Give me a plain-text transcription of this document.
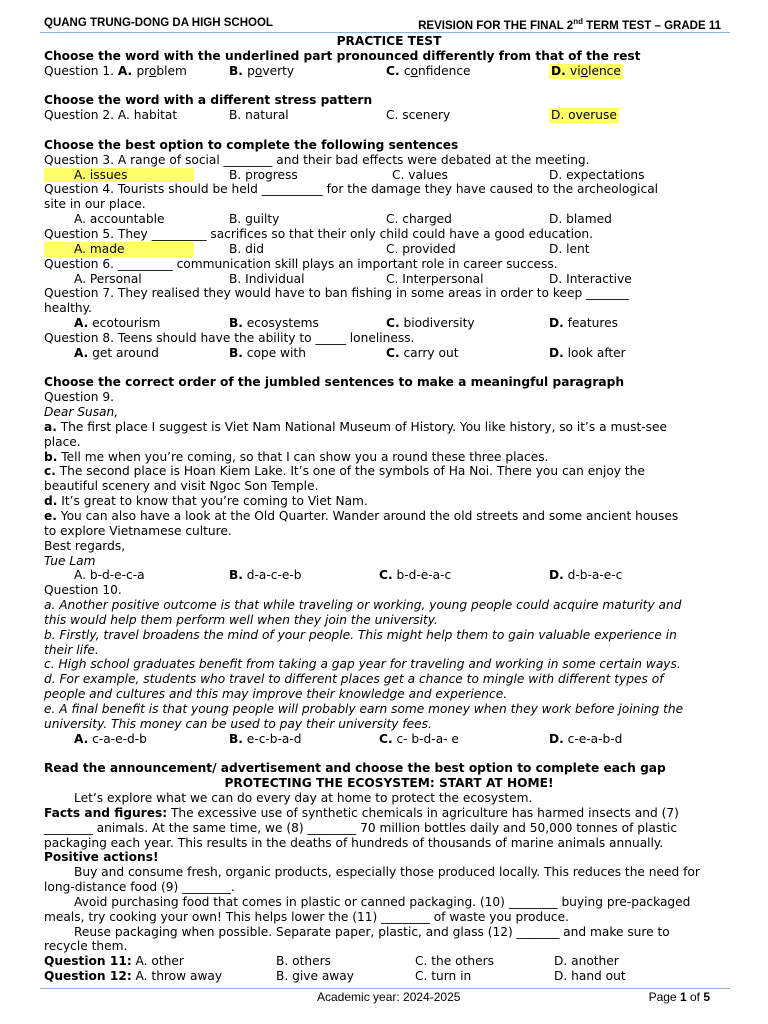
QUANG TRUNG-DONG DA HIGH SCHOOL	REVISION FOR THE FINAL 2nd TERM TEST – GRADE 11
PRACTICE TEST
Choose the word with the underlined part pronounced differently from that of the rest
Question 1. A. problem	B. poverty	C. confidence	D. violence
Choose the word with a different stress pattern
Question 2. A. habitat	B. natural	C. scenery	D. overuse
Choose the best option to complete the following sentences
Question 3. A range of social ________ and their bad effects were debated at the meeting.
A. issues	B. progress	C. values	D. expectations
Question 4. Tourists should be held __________ for the damage they have caused to the archeological
site in our place.
A. accountable	B. guilty	C. charged	D. blamed
Question 5. They _________ sacrifices so that their only child could have a good education.
A. made	B. did	C. provided	D. lent
Question 6. _________ communication skill plays an important role in career success.
A. Personal	B. Individual	C. Interpersonal	D. Interactive
Question 7. They realised they would have to ban fishing in some areas in order to keep _______
healthy.
A. ecotourism	B. ecosystems	C. biodiversity	D. features
Question 8. Teens should have the ability to _____ loneliness.
A. get around	B. cope with	C. carry out	D. look after
Choose the correct order of the jumbled sentences to make a meaningful paragraph
Question 9.
Dear Susan,
a. The first place I suggest is Viet Nam National Museum of History. You like history, so it’s a must-see
place.
b. Tell me when you’re coming, so that I can show you a round these three places.
c. The second place is Hoan Kiem Lake. It’s one of the symbols of Ha Noi. There you can enjoy the
beautiful scenery and visit Ngoc Son Temple.
d. It’s great to know that you’re coming to Viet Nam.
e. You can also have a look at the Old Quarter. Wander around the old streets and some ancient houses
to explore Vietnamese culture.
Best regards,
Tue Lam
A. b-d-e-c-a	B. d-a-c-e-b	C. b-d-e-a-c	D. d-b-a-e-c
Question 10.
a. Another positive outcome is that while traveling or working, young people could acquire maturity and
this would help them perform well when they join the university.
b. Firstly, travel broadens the mind of your people. This might help them to gain valuable experience in
their life.
c. High school graduates benefit from taking a gap year for traveling and working in some certain ways.
d. For example, students who travel to different places get a chance to mingle with different types of
people and cultures and this may improve their knowledge and experience.
e. A final benefit is that young people will probably earn some money when they work before joining the
university. This money can be used to pay their university fees.
A. c-a-e-d-b	B. e-c-b-a-d	C. c- b-d-a- e	D. c-e-a-b-d
Read the announcement/ advertisement and choose the best option to complete each gap
PROTECTING THE ECOSYSTEM: START AT HOME!
Let’s explore what we can do every day at home to protect the ecosystem.
Facts and figures: The excessive use of synthetic chemicals in agriculture has harmed insects and (7)
________ animals. At the same time, we (8) ________ 70 million bottles daily and 50,000 tonnes of plastic
packaging each year. This results in the deaths of hundreds of thousands of marine animals annually.
Positive actions!
Buy and consume fresh, organic products, especially those produced locally. This reduces the need for
long-distance food (9) ________.
Avoid purchasing food that comes in plastic or canned packaging. (10) ________ buying pre-packaged
meals, try cooking your own! This helps lower the (11) ________ of waste you produce.
Reuse packaging when possible. Separate paper, plastic, and glass (12) _______ and make sure to
recycle them.
Question 11: A. other	B. others	C. the others	D. another
Question 12: A. throw away	B. give away	C. turn in	D. hand out
Academic year: 2024-2025	Page 1 of 5
